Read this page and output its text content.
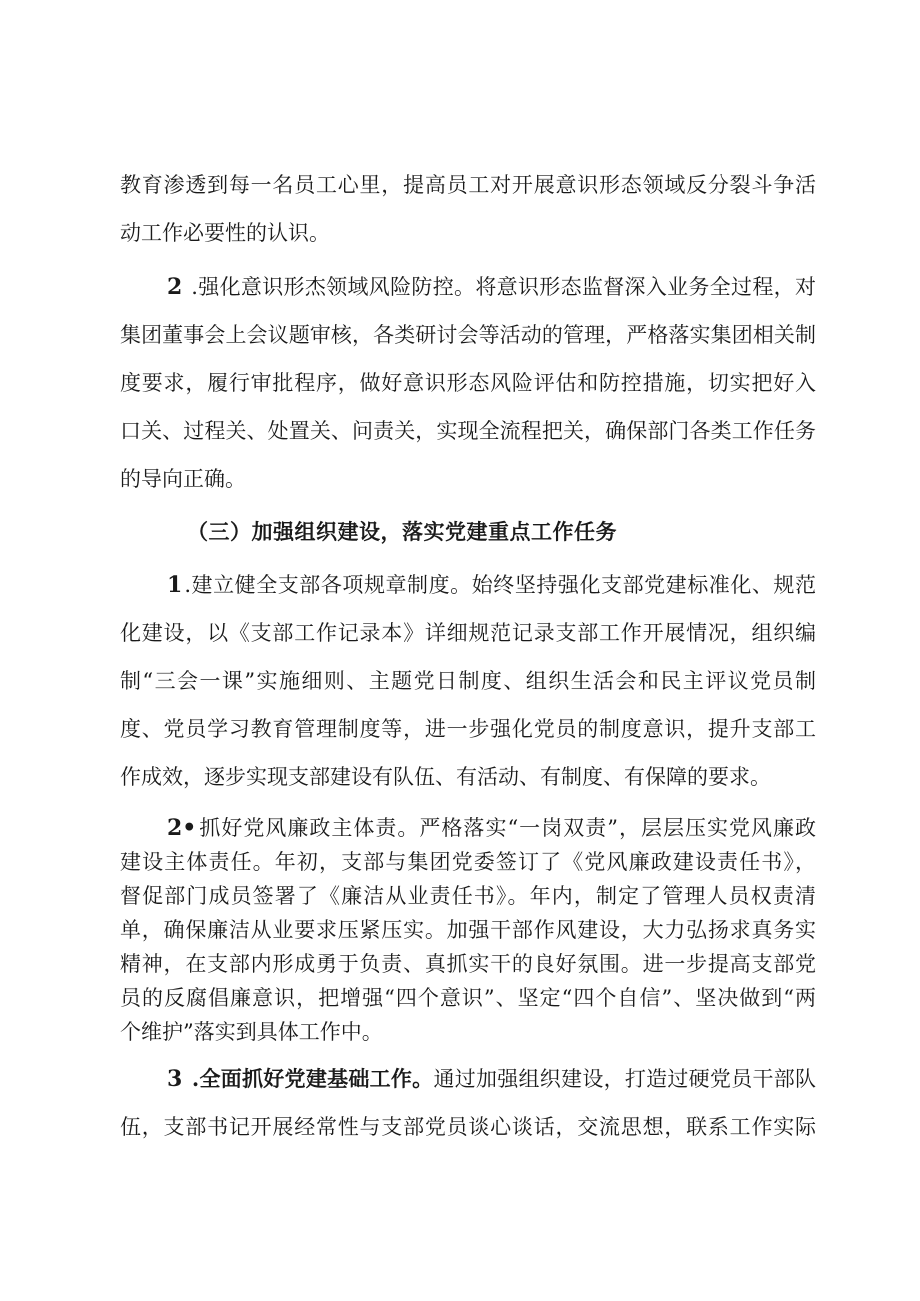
教育渗透到每一名员工心里，提高员工对开展意识形态领域反分裂斗争活

动工作必要性的认识。

2 .强化意识形杰领域风险防控。将意识形态监督深入业务全过程，对

集团董事会上会议题审核，各类研讨会等活动的管理，严格落实集团相关制

度要求，履行审批程序，做好意识形态风险评估和防控措施，切实把好入

口关、过程关、处置关、问责关，实现全流程把关，确保部门各类工作任务

的导向正确。

（三）加强组织建设，落实党建重点工作任务

1.建立健全支部各项规章制度。始终坚持强化支部党建标准化、规范

化建设，以《支部工作记录本》详细规范记录支部工作开展情况，组织编

制“三会一课”实施细则、主题党日制度、组织生活会和民主评议党员制

度、党员学习教育管理制度等，进一步强化党员的制度意识，提升支部工

作成效，逐步实现支部建设有队伍、有活动、有制度、有保障的要求。

2•抓好党风廉政主体责。严格落实“一岗双责”，层层压实党风廉政

建设主体责任。年初，支部与集团党委签订了《党风廉政建设责任书》，

督促部门成员签署了《廉洁从业责任书》。年内，制定了管理人员权责清

单，确保廉洁从业要求压紧压实。加强干部作风建设，大力弘扬求真务实

精神，在支部内形成勇于负责、真抓实干的良好氛围。进一步提高支部党

员的反腐倡廉意识，把增强“四个意识”、坚定“四个自信”、坚决做到“两

个维护”落实到具体工作中。

3 .全面抓好党建基础工作。通过加强组织建设，打造过硬党员干部队

伍，支部书记开展经常性与支部党员谈心谈话，交流思想，联系工作实际
